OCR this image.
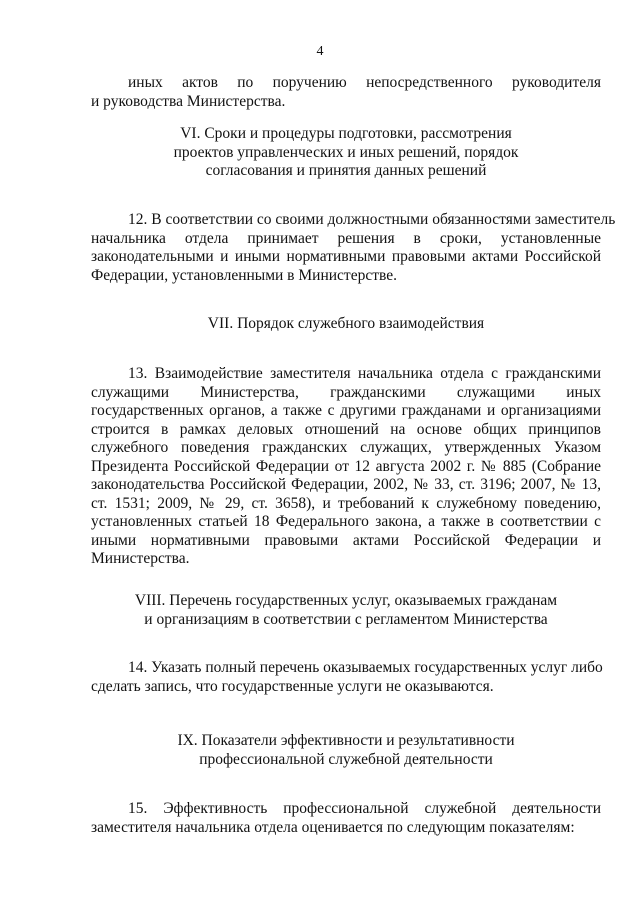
4
иных актов по поручению непосредственного руководителя
и руководства Министерства.
VI. Сроки и процедуры подготовки, рассмотрения
проектов управленческих и иных решений, порядок
согласования и принятия данных решений
12. В соответствии со своими должностными обязанностями заместитель
начальника отдела принимает решения в сроки, установленные
законодательными и иными нормативными правовыми актами Российской
Федерации, установленными в Министерстве.
VII. Порядок служебного взаимодействия
13. Взаимодействие заместителя начальника отдела с гражданскими
служащими Министерства, гражданскими служащими иных
государственных органов, а также с другими гражданами и организациями
строится в рамках деловых отношений на основе общих принципов
служебного поведения гражданских служащих, утвержденных Указом
Президента Российской Федерации от 12 августа 2002 г. № 885 (Собрание
законодательства Российской Федерации, 2002, № 33, ст. 3196; 2007, № 13,
ст. 1531; 2009, № 29, ст. 3658), и требований к служебному поведению,
установленных статьей 18 Федерального закона, а также в соответствии с
иными нормативными правовыми актами Российской Федерации и
Министерства.
VIII. Перечень государственных услуг, оказываемых гражданам
и организациям в соответствии с регламентом Министерства
14. Указать полный перечень оказываемых государственных услуг либо
сделать запись, что государственные услуги не оказываются.
IX. Показатели эффективности и результативности
профессиональной служебной деятельности
15. Эффективность профессиональной служебной деятельности
заместителя начальника отдела оценивается по следующим показателям:
